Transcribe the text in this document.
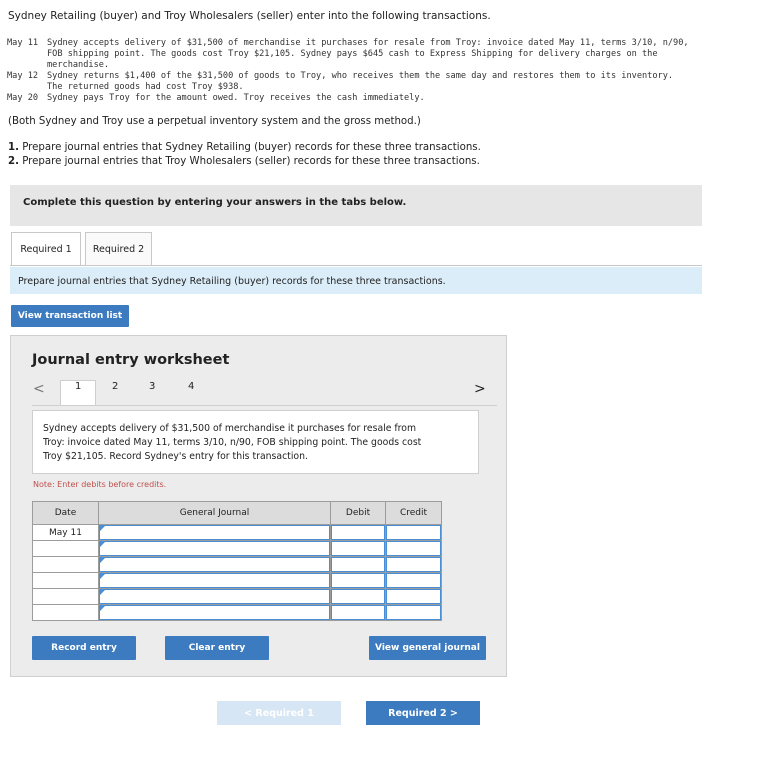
Sydney Retailing (buyer) and Troy Wholesalers (seller) enter into the following transactions.
May 11 Sydney accepts delivery of $31,500 of merchandise it purchases for resale from Troy: invoice dated May 11, terms 3/10, n/90,
FOB shipping point. The goods cost Troy $21,105. Sydney pays $645 cash to Express Shipping for delivery charges on the
merchandise.
May 12 Sydney returns $1,400 of the $31,500 of goods to Troy, who receives them the same day and restores them to its inventory.
The returned goods had cost Troy $938.
May 20 Sydney pays Troy for the amount owed. Troy receives the cash immediately.
(Both Sydney and Troy use a perpetual inventory system and the gross method.)
1. Prepare journal entries that Sydney Retailing (buyer) records for these three transactions.
2. Prepare journal entries that Troy Wholesalers (seller) records for these three transactions.
Complete this question by entering your answers in the tabs below.
Required 1	Required 2
Prepare journal entries that Sydney Retailing (buyer) records for these three transactions.
View transaction list
Journal entry worksheet
<	1	2	3	4	>

Sydney accepts delivery of $31,500 of merchandise it purchases for resale from Troy: invoice dated May 11, terms 3/10, n/90, FOB shipping point. The goods cost Troy $21,105. Record Sydney's entry for this transaction.

Note: Enter debits before credits.
Date	General Journal	Debit	Credit
May 11	

Record entry	Clear entry	View general journal
< Required 1	Required 2 >
